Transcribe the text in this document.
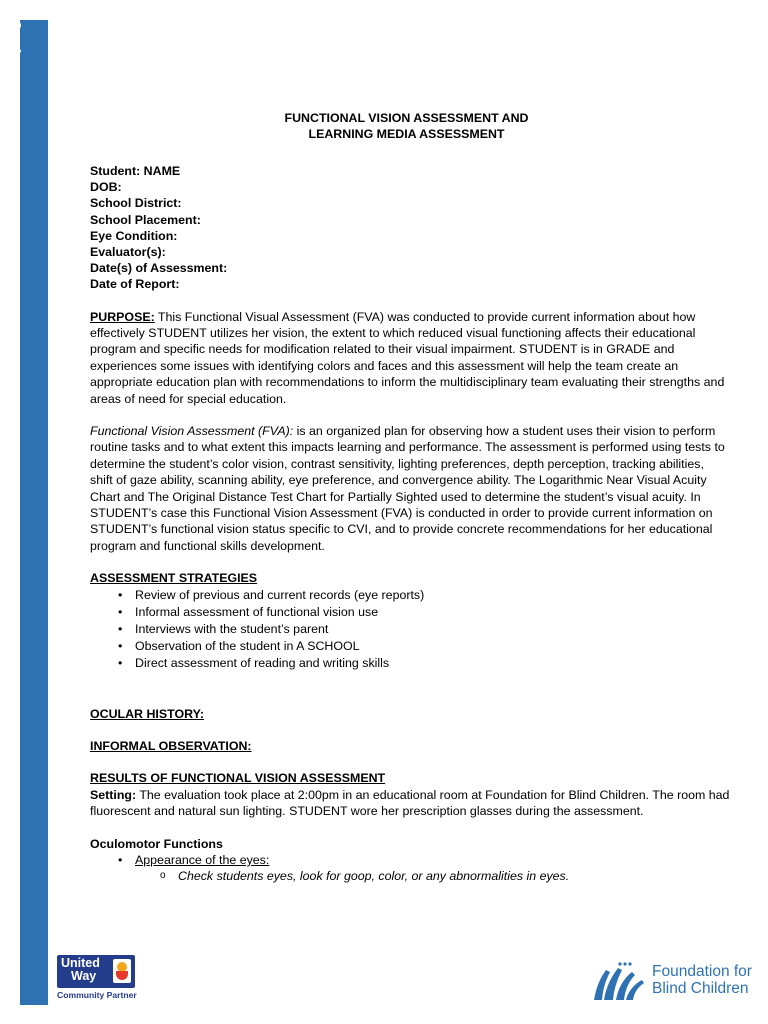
Foundation for Blind Children • 1234 E. Northern Ave, Phoenix, AZ 85020 • Phone: 602-331-1470 • Fax: 602-678-5818 • SeeItOurWay.org	FUNCTIONAL VISION ASSESSMENT AND
LEARNING MEDIA ASSESSMENT
Student: NAME
DOB:
School District:
School Placement:
Eye Condition:
Evaluator(s):
Date(s) of Assessment:
Date of Report:

PURPOSE: This Functional Visual Assessment (FVA) was conducted to provide current information about how effectively STUDENT utilizes her vision, the extent to which reduced visual functioning affects their educational program and specific needs for modification related to their visual impairment. STUDENT is in GRADE and experiences some issues with identifying colors and faces and this assessment will help the team create an appropriate education plan with recommendations to inform the multidisciplinary team evaluating their strengths and areas of need for special education.

Functional Vision Assessment (FVA): is an organized plan for observing how a student uses their vision to perform routine tasks and to what extent this impacts learning and performance. The assessment is performed using tests to determine the student’s color vision, contrast sensitivity, lighting preferences, depth perception, tracking abilities, shift of gaze ability, scanning ability, eye preference, and convergence ability. The Logarithmic Near Visual Acuity Chart and The Original Distance Test Chart for Partially Sighted used to determine the student’s visual acuity. In STUDENT’s case this Functional Vision Assessment (FVA) is conducted in order to provide current information on STUDENT’s functional vision status specific to CVI, and to provide concrete recommendations for her educational program and functional skills development.

ASSESSMENT STRATEGIES
• Review of previous and current records (eye reports)
• Informal assessment of functional vision use
• Interviews with the student’s parent
• Observation of the student in A SCHOOL
• Direct assessment of reading and writing skills
OCULAR HISTORY:
INFORMAL OBSERVATION:
RESULTS OF FUNCTIONAL VISION ASSESSMENT

Setting: The evaluation took place at 2:00pm in an educational room at Foundation for Blind Children. The room had fluorescent and natural sun lighting. STUDENT wore her prescription glasses during the assessment.

Oculomotor Functions
• Appearance of the eyes:
o Check students eyes, look for goop, color, or any abnormalities in eyes.
United
Way
Community Partner
Foundation for
Blind Children
